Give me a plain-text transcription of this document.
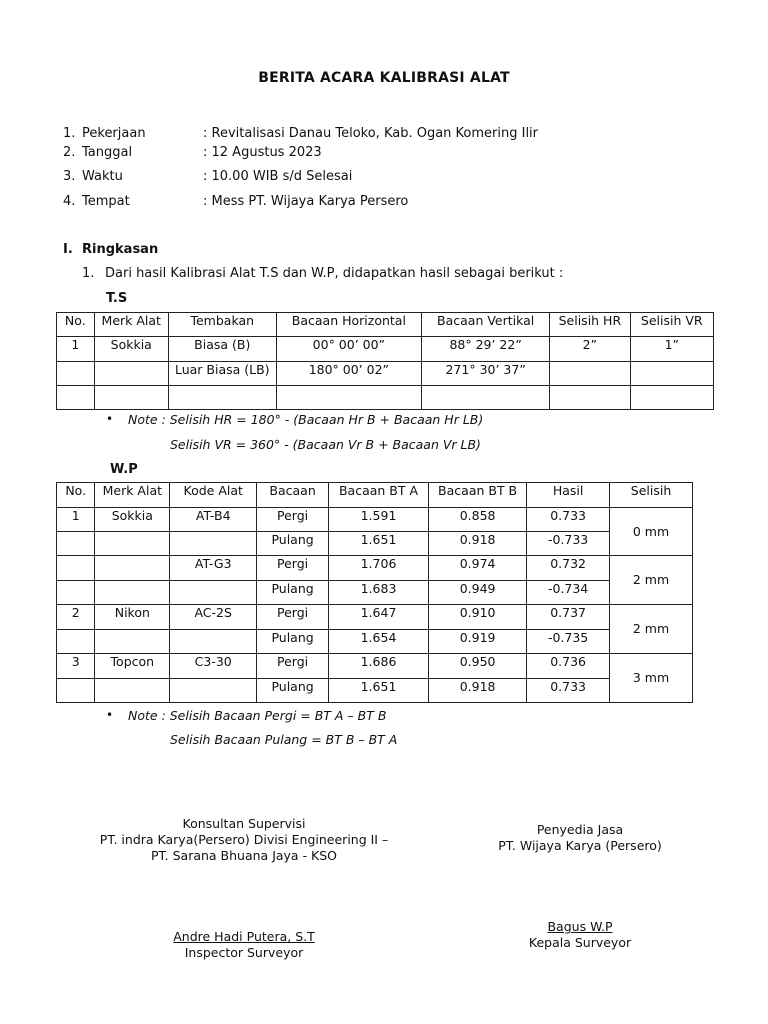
BERITA ACARA KALIBRASI ALAT
1. Pekerjaan	: Revitalisasi Danau Teloko, Kab. Ogan Komering Ilir
2. Tanggal	: 12 Agustus 2023
3. Waktu	: 10.00 WIB s/d Selesai
4. Tempat	: Mess PT. Wijaya Karya Persero
I. Ringkasan
1. Dari hasil Kalibrasi Alat T.S dan W.P, didapatkan hasil sebagai berikut :
T.S
No.	Merk Alat	Tembakan	Bacaan Horizontal	Bacaan Vertikal	Selisih HR	Selisih VR
1	Sokkia	Biasa (B)	00° 00’ 00”	88° 29’ 22”	2”	1”
		Luar Biasa (LB)	180° 00’ 02”	271° 30’ 37”		

• Note : Selisih HR = 180° - (Bacaan Hr B + Bacaan Hr LB)
Selisih VR = 360° - (Bacaan Vr B + Bacaan Vr LB)
W.P
No.	Merk Alat	Kode Alat	Bacaan	Bacaan BT A	Bacaan BT B	Hasil	Selisih
1	Sokkia	AT-B4	Pergi	1.591	0.858	0.733	0 mm
			Pulang	1.651	0.918	-0.733	
		AT-G3	Pergi	1.706	0.974	0.732	2 mm
			Pulang	1.683	0.949	-0.734	
2	Nikon	AC-2S	Pergi	1.647	0.910	0.737	2 mm
			Pulang	1.654	0.919	-0.735	
3	Topcon	C3-30	Pergi	1.686	0.950	0.736	3 mm
			Pulang	1.651	0.918	0.733	
• Note : Selisih Bacaan Pergi = BT A – BT B
Selisih Bacaan Pulang = BT B – BT A
Konsultan Supervisi
PT. indra Karya(Persero) Divisi Engineering II –
PT. Sarana Bhuana Jaya - KSO
Andre Hadi Putera, S.T
Inspector Surveyor
Penyedia Jasa
PT. Wijaya Karya (Persero)
Bagus W.P
Kepala Surveyor
